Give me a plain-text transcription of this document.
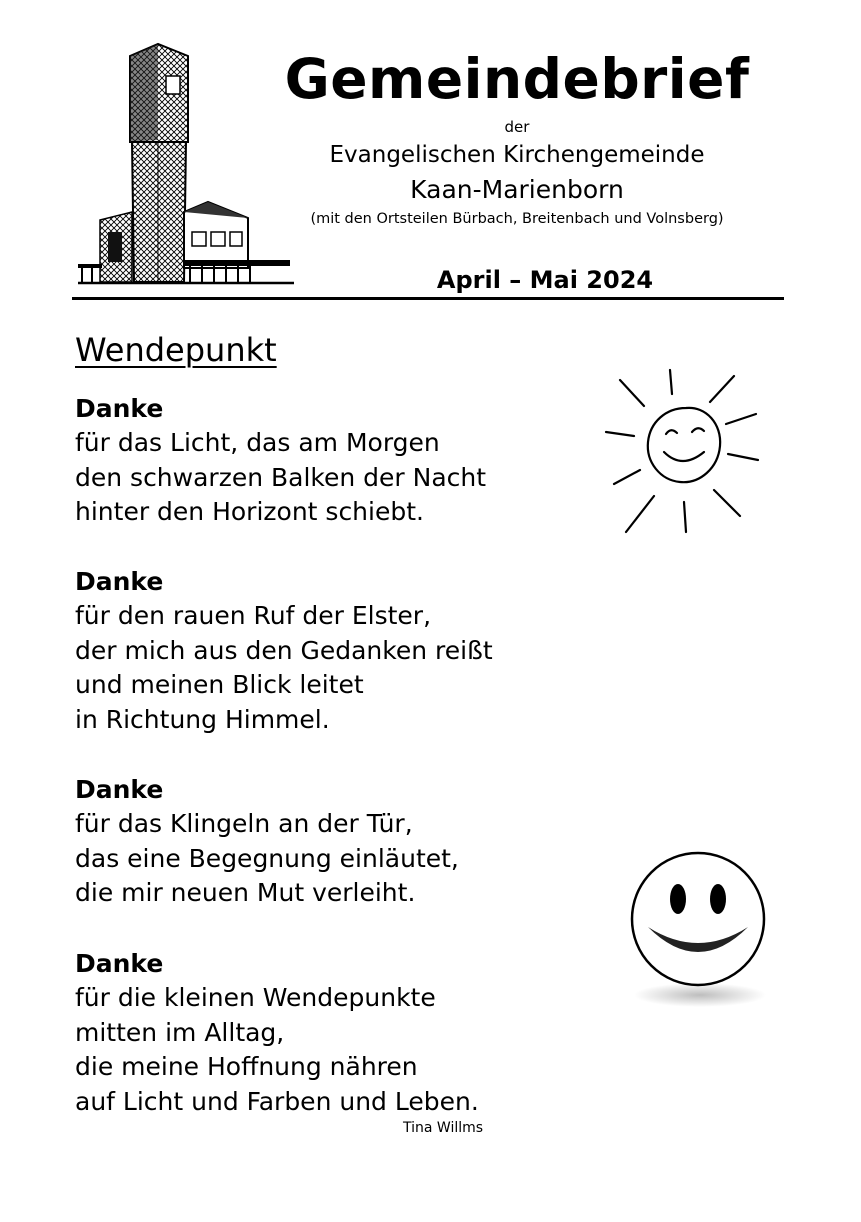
Gemeindebrief
der
Evangelischen Kirchengemeinde
Kaan-Marienborn
(mit den Ortsteilen Bürbach, Breitenbach und Volnsberg)
April – Mai 2024
Wendepunkt
Danke
für das Licht, das am Morgen
den schwarzen Balken der Nacht
hinter den Horizont schiebt.
Danke
für den rauen Ruf der Elster,
der mich aus den Gedanken reißt
und meinen Blick leitet
in Richtung Himmel.
Danke
für das Klingeln an der Tür,
das eine Begegnung einläutet,
die mir neuen Mut verleiht.
Danke
für die kleinen Wendepunkte
mitten im Alltag,
die meine Hoffnung nähren
auf Licht und Farben und Leben.
Tina Willms
